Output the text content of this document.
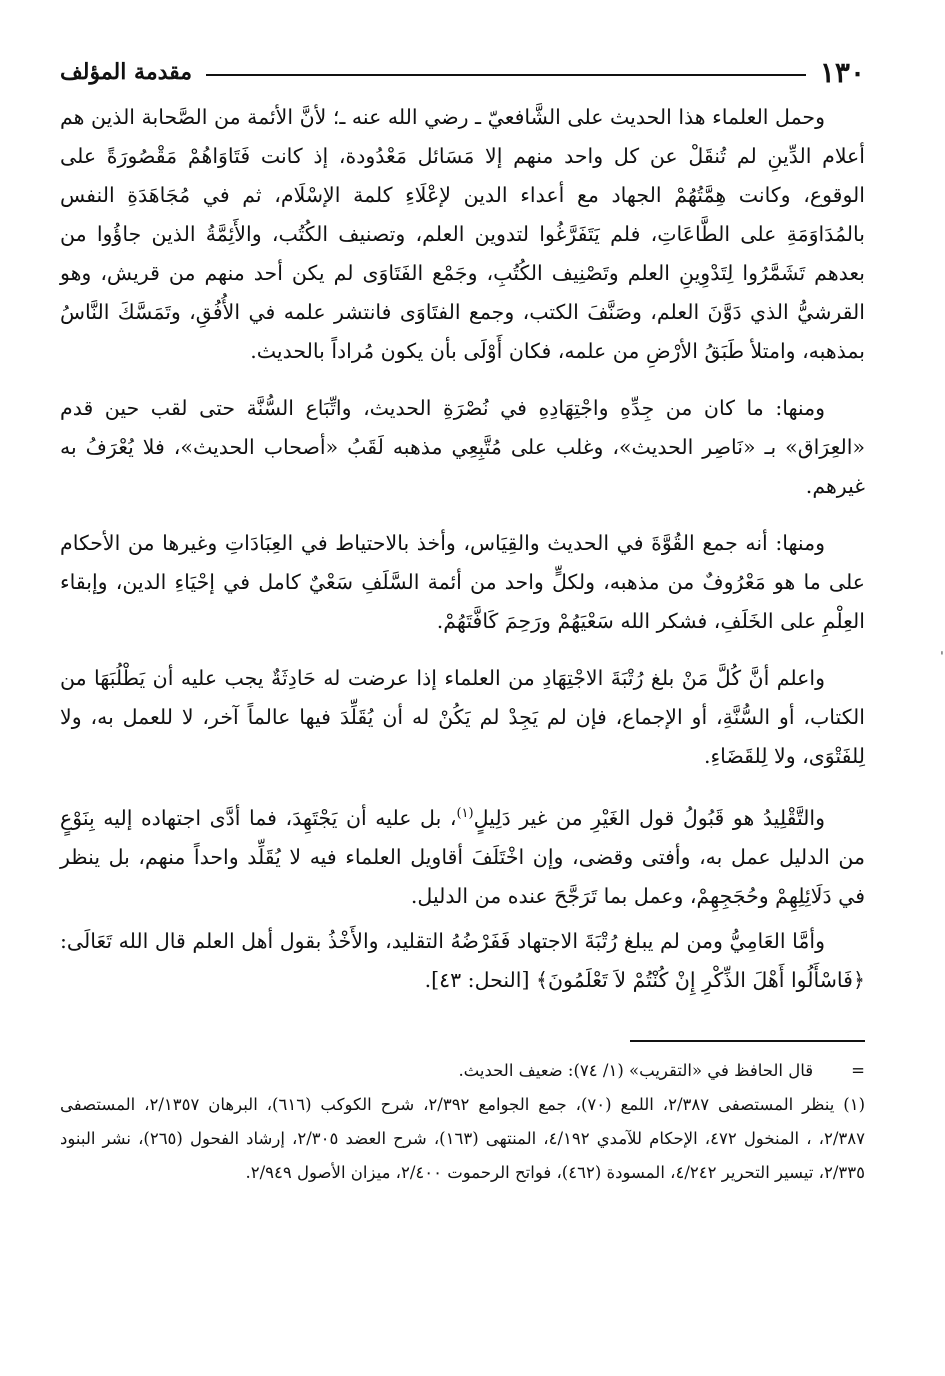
١٣٠
مقدمة المؤلف

وحمل العلماء هذا الحديث على الشَّافعيّ ـ رضي الله عنه ـ؛ لأنَّ الأئمة من الصَّحابة الذين هم أعلام الدِّينِ لم تُنقَلْ عن كل واحد منهم إلا مَسَائل مَعْدُودة، إذ كانت فَتَاوَاهُمْ مَقْصُورَةً على الوقوع، وكانت هِمَّتُهُمْ الجهاد مع أعداء الدين لإعْلَاءِ كلمة الإسْلَام، ثم في مُجَاهَدَةِ النفس بالمُدَاوَمَةِ على الطَّاعَاتِ، فلم يَتَفَرَّغُوا لتدوين العلم، وتصنيف الكُتُب، والأَئِمَّةُ الذين جاؤُوا من بعدهم تَشَمَّرُوا لِتَدْوِينِ العلم وتَصْنِيف الكُتُبِ، وجَمْع الفَتَاوَى لم يكن أحد منهم من قريش، وهو القرشيُّ الذي دَوَّنَ العلم، وصَنَّفَ الكتب، وجمع الفتَاوَى فانتشر علمه في الأُفُقِ، وتَمَسَّكَ النَّاسُ بمذهبه، وامتلأ طَبَقُ الأرْضِ من علمه، فكان أَوْلَى بأن يكون مُراداً بالحديث.

ومنها: ما كان من جِدِّهِ واجْتِهَادِهِ في نُصْرَةِ الحديث، واتِّبَاع السُّنَّة حتى لقب حين قدم «العِرَاق» بـ «نَاصِر الحديث»، وغلب على مُتَّبِعِي مذهبه لَقَبُ «أصحاب الحديث»، فلا يُعْرَفُ به غيرهم.

ومنها: أنه جمع القُوَّةَ في الحديث والقِيَاس، وأخذ بالاحتياط في العِبَادَاتِ وغيرها من الأحكام على ما هو مَعْرُوفٌ من مذهبه، ولكلٍّ واحد من أئمة السَّلَفِ سَعْيٌ كامل في إحْيَاءِ الدين، وإبقاء العِلْمِ على الخَلَفِ، فشكر الله سَعْيَهُمْ ورَحِمَ كَافَّتَهُمْ.

واعلم أنَّ كُلَّ مَنْ بلغ رُتْبَةَ الاجْتِهَادِ من العلماء إذا عرضت له حَادِثَةٌ يجب عليه أن يَطْلُبَهَا من الكتاب، أو السُّنَّةِ، أو الإجماع، فإن لم يَجِدْ لم يَكُنْ له أن يُقَلِّدَ فيها عالماً آخر، لا للعمل به، ولا لِلفَتْوَى، ولا لِلقَضَاءِ.

والتَّقْلِيدُ هو قَبُولُ قول الغَيْرِ من غير دَلِيلٍ$^{(١)}$، بل عليه أن يَجْتَهِدَ، فما أدَّى اجتهاده إليه بِنَوْعٍ من الدليل عمل به، وأفتى وقضى، وإن اخْتَلَفَ أقاويل العلماء فيه لا يُقَلِّد واحداً منهم، بل ينظر في دَلَائِلِهِمْ وحُجَجِهِمْ، وعمل بما تَرَجَّحَ عنده من الدليل.

وأمَّا العَامِيُّ ومن لم يبلغ رُتْبَةَ الاجتهاد فَفَرْضُهُ التقليد، والأَخْذُ بقول أهل العلم قال الله تَعَالَى: ﴿فَاسْأَلُوا أَهْلَ الذِّكْرِ إِنْ كُنْتُمْ لاَ تَعْلَمُونَ﴾ [النحل: ٤٣].

=قال الحافظ في «التقريب» (١/ ٧٤): ضعيف الحديث.

(١) ينظر المستصفى ٢/٣٨٧، اللمع (٧٠)، جمع الجوامع ٢/٣٩٢، شرح الكوكب (٦١٦)، البرهان ٢/١٣٥٧، المستصفى ٢/٣٨٧، ، المنخول ٤٧٢، الإحكام للآمدي ٤/١٩٢، المنتهى (١٦٣)، شرح العضد ٢/٣٠٥، إرشاد الفحول (٢٦٥)، نشر البنود ٢/٣٣٥، تيسير التحرير ٤/٢٤٢، المسودة (٤٦٢)، فواتح الرحموت ٢/٤٠٠، ميزان الأصول ٢/٩٤٩.

ˈ
